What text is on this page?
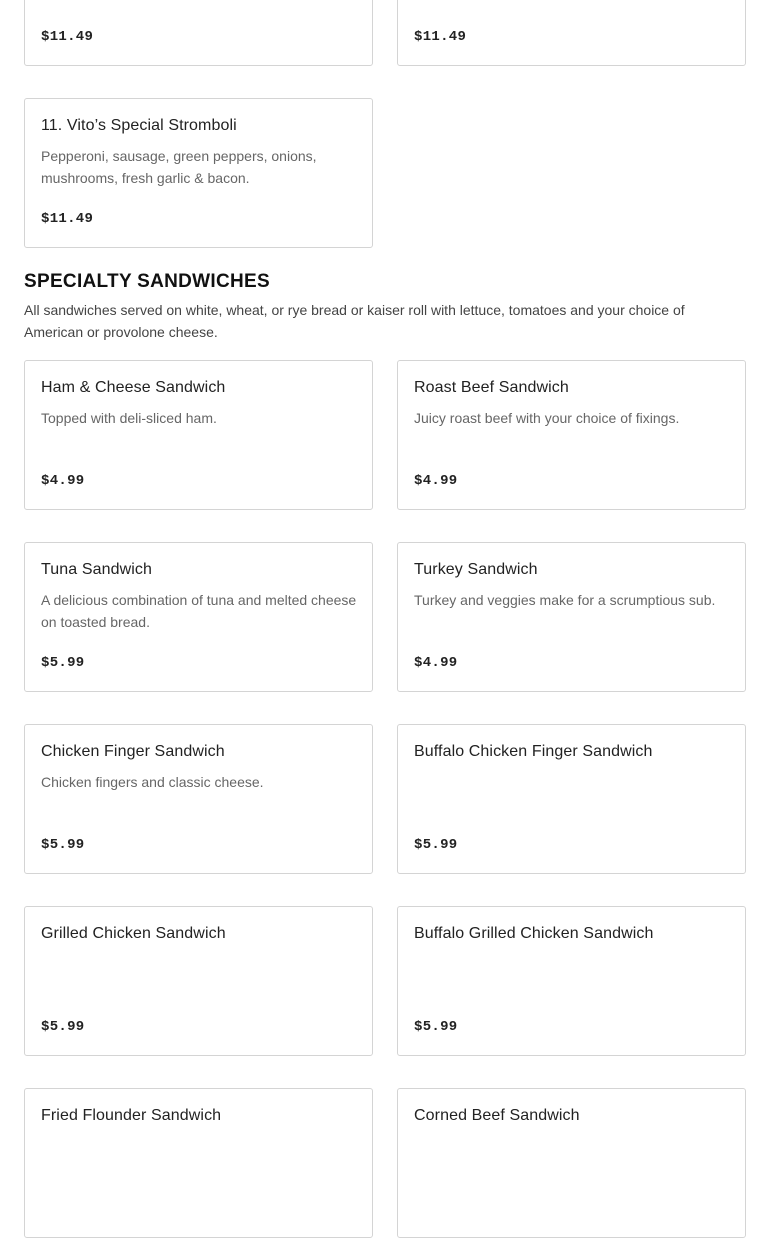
$11.49	$11.49
11. Vito’s Special Stromboli
Pepperoni, sausage, green peppers, onions, mushrooms, fresh garlic & bacon.
$11.49
SPECIALTY SANDWICHES
All sandwiches served on white, wheat, or rye bread or kaiser roll with lettuce, tomatoes and your choice of American or provolone cheese.
Ham & Cheese Sandwich
Topped with deli-sliced ham.
$4.99
Roast Beef Sandwich
Juicy roast beef with your choice of fixings.
$4.99
Tuna Sandwich
A delicious combination of tuna and melted cheese on toasted bread.
$5.99
Turkey Sandwich
Turkey and veggies make for a scrumptious sub.
$4.99
Chicken Finger Sandwich
Chicken fingers and classic cheese.
$5.99
Buffalo Chicken Finger Sandwich
$5.99
Grilled Chicken Sandwich
$5.99
Buffalo Grilled Chicken Sandwich
$5.99
Fried Flounder Sandwich	Corned Beef Sandwich
